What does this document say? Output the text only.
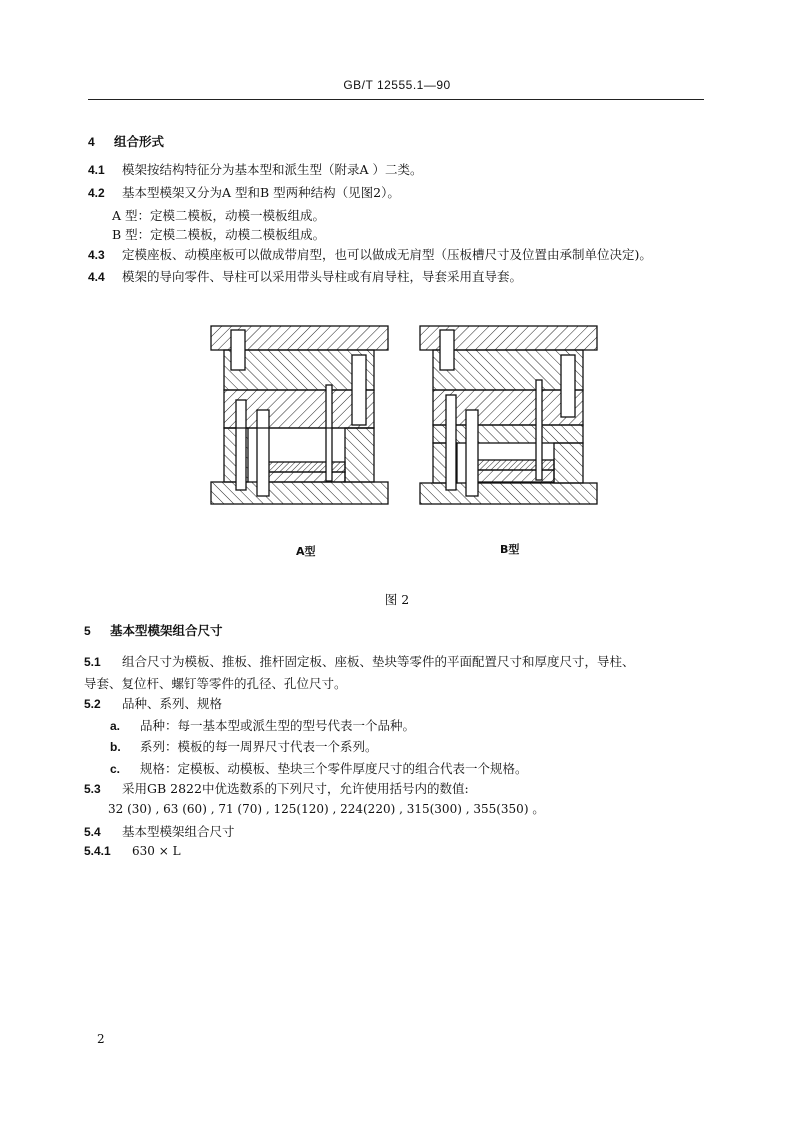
GB/T 12555.1—90
4 组合形式
4.1 模架按结构特征分为基本型和派生型（附录A ）二类。
4.2 基本型模架又分为A 型和B 型两种结构（见图2）。
A 型：定模二模板，动模一模板组成。
B 型：定模二模板，动模二模板组成。
4.3 定模座板、动模座板可以做成带肩型，也可以做成无肩型（压板槽尺寸及位置由承制单位决定)。
4.4 模架的导向零件、导柱可以采用带头导柱或有肩导柱，导套采用直导套。
A型	B型
图 2
5 基本型模架组合尺寸
5.1 组合尺寸为模板、推板、推杆固定板、座板、垫块等零件的平面配置尺寸和厚度尺寸，导柱、
导套、复位杆、螺钉等零件的孔径、孔位尺寸。
5.2 品种、系列、规格
a. 品种：每一基本型或派生型的型号代表一个品种。
b. 系列：模板的每一周界尺寸代表一个系列。
c. 规格：定模板、动模板、垫块三个零件厚度尺寸的组合代表一个规格。
5.3 采用GB 2822中优选数系的下列尺寸，允许使用括号内的数值:
32 (30) , 63 (60) , 71 (70) , 125(120) , 224(220) , 315(300) , 355(350) 。
5.4 基本型模架组合尺寸
5.4.1 630 × L
2
